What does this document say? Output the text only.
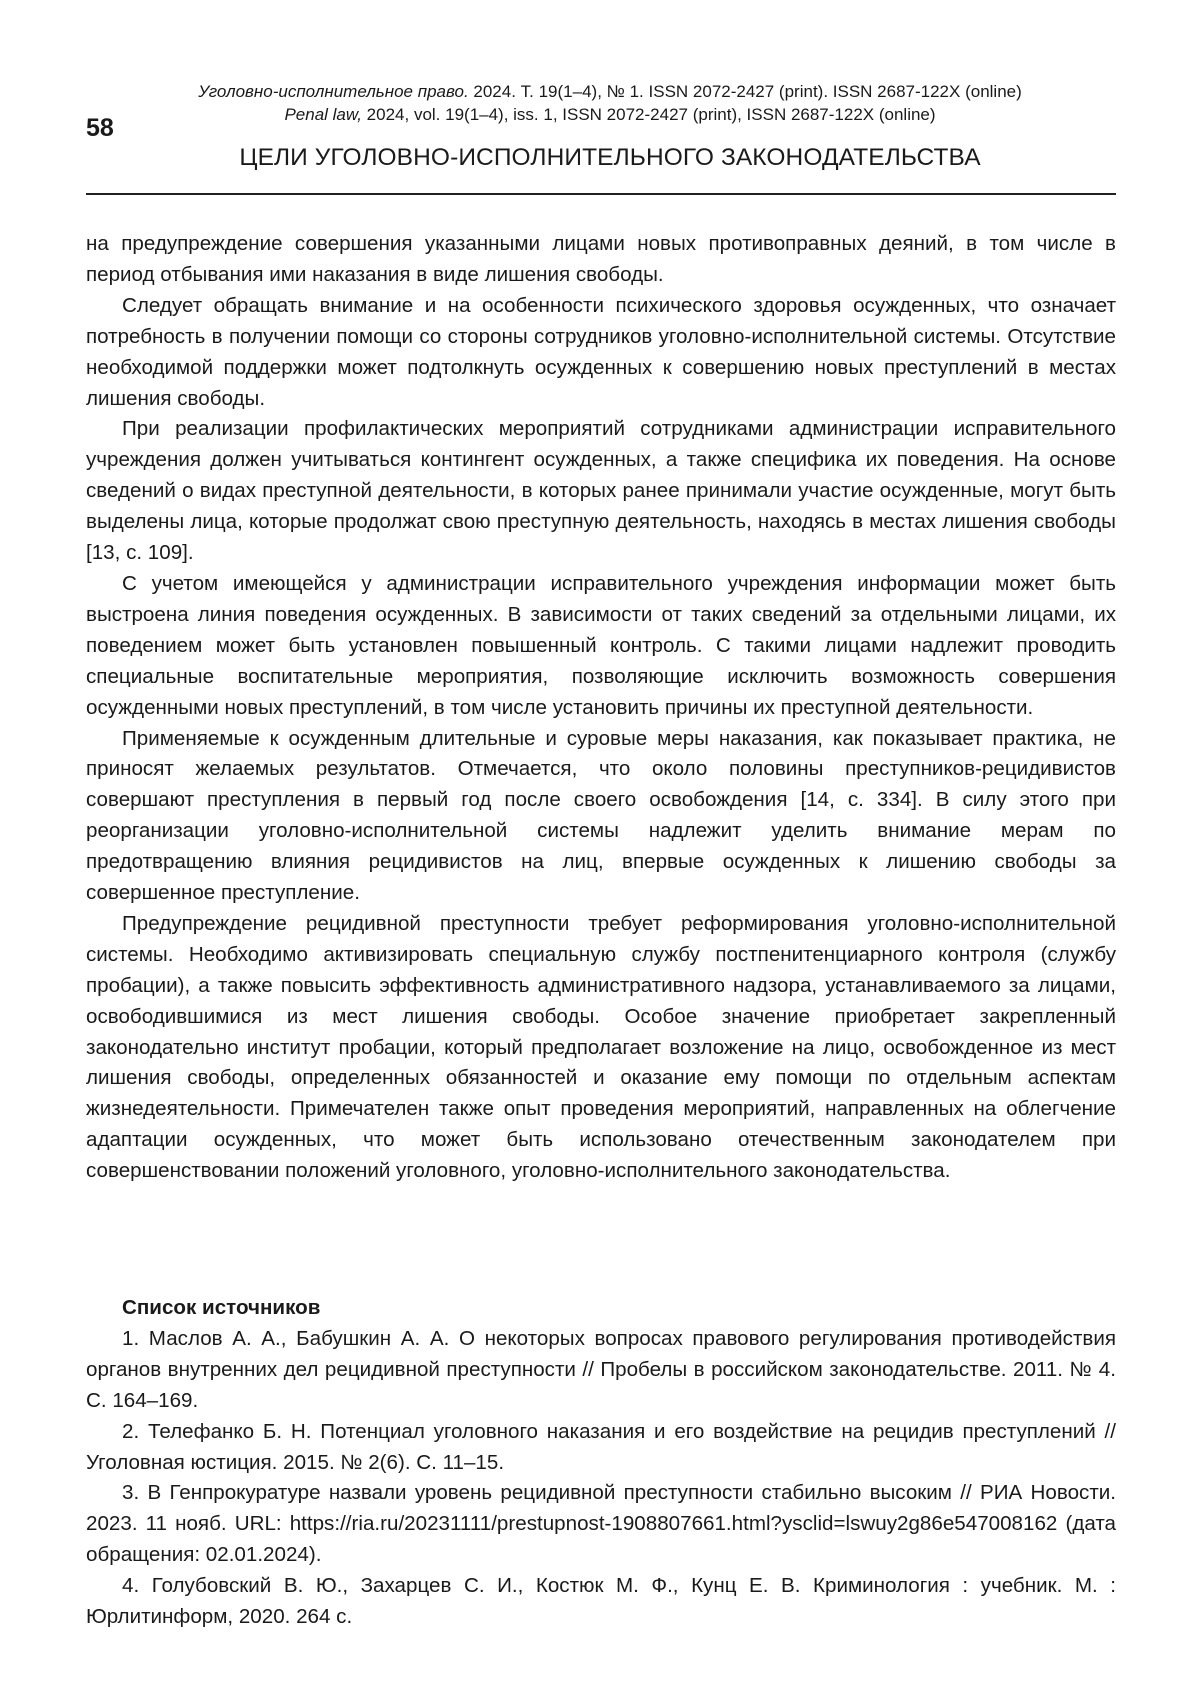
58
Уголовно-исполнительное право. 2024. Т. 19(1–4), № 1. ISSN 2072-2427 (print). ISSN 2687-122X (online)
Penal law, 2024, vol. 19(1–4), iss. 1, ISSN 2072-2427 (print), ISSN 2687-122X (online)
ЦЕЛИ УГОЛОВНО-ИСПОЛНИТЕЛЬНОГО ЗАКОНОДАТЕЛЬСТВА

на предупреждение совершения указанными лицами новых противоправных деяний, в том числе в период отбывания ими наказания в виде лишения свободы.

Следует обращать внимание и на особенности психического здоровья осужденных, что означает потребность в получении помощи со стороны сотрудников уголовно-исполнительной системы. Отсутствие необходимой поддержки может подтолкнуть осужденных к совершению новых преступлений в местах лишения свободы.

При реализации профилактических мероприятий сотрудниками администрации исправительного учреждения должен учитываться контингент осужденных, а также специфика их поведения. На основе сведений о видах преступной деятельности, в которых ранее принимали участие осужденные, могут быть выделены лица, которые продолжат свою преступную деятельность, находясь в местах лишения свободы [13, с. 109].

С учетом имеющейся у администрации исправительного учреждения информации может быть выстроена линия поведения осужденных. В зависимости от таких сведений за отдельными лицами, их поведением может быть установлен повышенный контроль. С такими лицами надлежит проводить специальные воспитательные мероприятия, позволяющие исключить возможность совершения осужденными новых преступлений, в том числе установить причины их преступной деятельности.

Применяемые к осужденным длительные и суровые меры наказания, как показывает практика, не приносят желаемых результатов. Отмечается, что около половины преступников-рецидивистов совершают преступления в первый год после своего освобождения [14, с. 334]. В силу этого при реорганизации уголовно-исполнительной системы надлежит уделить внимание мерам по предотвращению влияния рецидивистов на лиц, впервые осужденных к лишению свободы за совершенное преступление.

Предупреждение рецидивной преступности требует реформирования уголовно-исполнительной системы. Необходимо активизировать специальную службу постпенитенциарного контроля (службу пробации), а также повысить эффективность административного надзора, устанавливаемого за лицами, освободившимися из мест лишения свободы. Особое значение приобретает закрепленный законодательно институт пробации, который предполагает возложение на лицо, освобожденное из мест лишения свободы, определенных обязанностей и оказание ему помощи по отдельным аспектам жизнедеятельности. Примечателен также опыт проведения мероприятий, направленных на облегчение адаптации осужденных, что может быть использовано отечественным законодателем при совершенствовании положений уголовного, уголовно-исполнительного законодательства.

Список источников

1. Маслов А. А., Бабушкин А. А. О некоторых вопросах правового регулирования противодействия органов внутренних дел рецидивной преступности // Пробелы в российском законодательстве. 2011. № 4. С. 164–169.

2. Телефанко Б. Н. Потенциал уголовного наказания и его воздействие на рецидив преступлений // Уголовная юстиция. 2015. № 2(6). С. 11–15.

3. В Генпрокуратуре назвали уровень рецидивной преступности стабильно высоким // РИА Новости. 2023. 11 нояб. URL: https://ria.ru/20231111/prestupnost-1908807661.html?ysclid=lswuy2g86e547008162 (дата обращения: 02.01.2024).

4. Голубовский В. Ю., Захарцев С. И., Костюк М. Ф., Кунц Е. В. Криминология : учебник. М. : Юрлитинформ, 2020. 264 с.
